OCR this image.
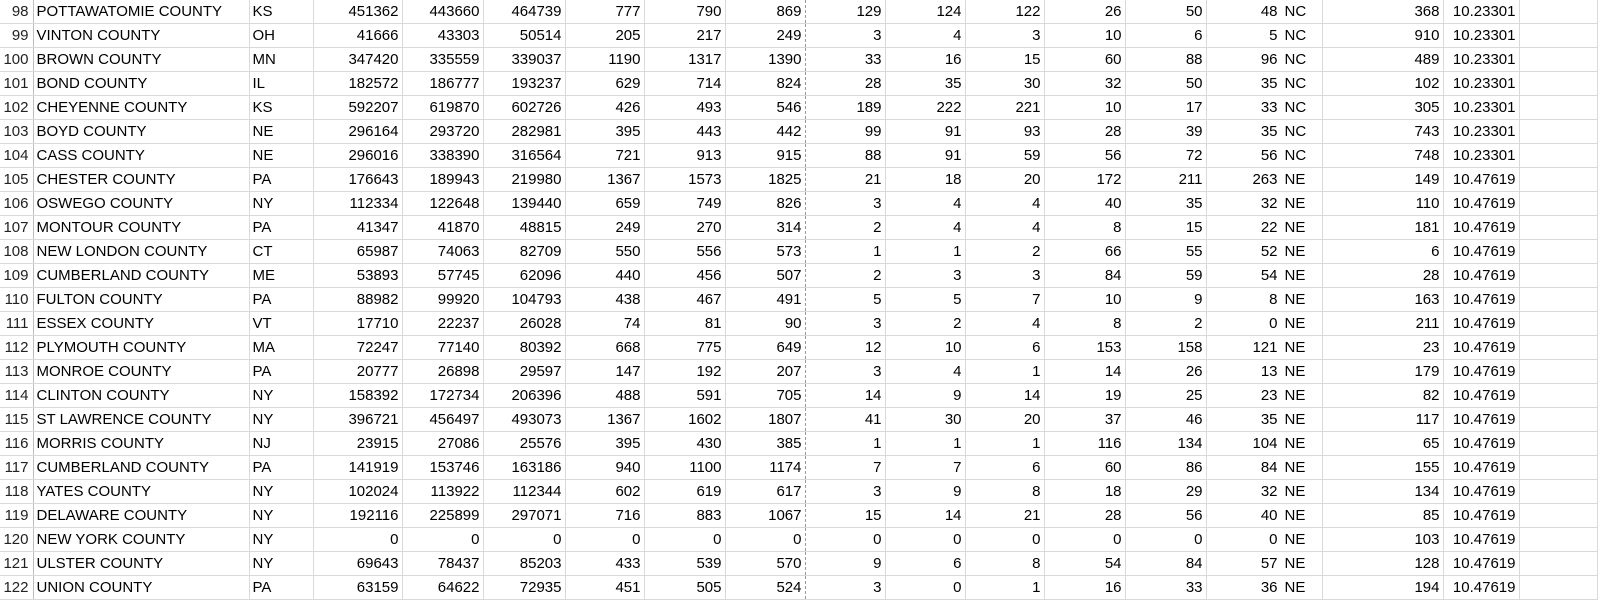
98	POTTAWATOMIE COUNTY	KS	451362	443660	464739	777	790	869	129	124	122	26	50	48	NC	368	10.23301	
99	VINTON COUNTY	OH	41666	43303	50514	205	217	249	3	4	3	10	6	5	NC	910	10.23301	
100	BROWN COUNTY	MN	347420	335559	339037	1190	1317	1390	33	16	15	60	88	96	NC	489	10.23301	
101	BOND COUNTY	IL	182572	186777	193237	629	714	824	28	35	30	32	50	35	NC	102	10.23301	
102	CHEYENNE COUNTY	KS	592207	619870	602726	426	493	546	189	222	221	10	17	33	NC	305	10.23301	
103	BOYD COUNTY	NE	296164	293720	282981	395	443	442	99	91	93	28	39	35	NC	743	10.23301	
104	CASS COUNTY	NE	296016	338390	316564	721	913	915	88	91	59	56	72	56	NC	748	10.23301	
105	CHESTER COUNTY	PA	176643	189943	219980	1367	1573	1825	21	18	20	172	211	263	NE	149	10.47619	
106	OSWEGO COUNTY	NY	112334	122648	139440	659	749	826	3	4	4	40	35	32	NE	110	10.47619	
107	MONTOUR COUNTY	PA	41347	41870	48815	249	270	314	2	4	4	8	15	22	NE	181	10.47619	
108	NEW LONDON COUNTY	CT	65987	74063	82709	550	556	573	1	1	2	66	55	52	NE	6	10.47619	
109	CUMBERLAND COUNTY	ME	53893	57745	62096	440	456	507	2	3	3	84	59	54	NE	28	10.47619	
110	FULTON COUNTY	PA	88982	99920	104793	438	467	491	5	5	7	10	9	8	NE	163	10.47619	
111	ESSEX COUNTY	VT	17710	22237	26028	74	81	90	3	2	4	8	2	0	NE	211	10.47619	
112	PLYMOUTH COUNTY	MA	72247	77140	80392	668	775	649	12	10	6	153	158	121	NE	23	10.47619	
113	MONROE COUNTY	PA	20777	26898	29597	147	192	207	3	4	1	14	26	13	NE	179	10.47619	
114	CLINTON COUNTY	NY	158392	172734	206396	488	591	705	14	9	14	19	25	23	NE	82	10.47619	
115	ST LAWRENCE COUNTY	NY	396721	456497	493073	1367	1602	1807	41	30	20	37	46	35	NE	117	10.47619	
116	MORRIS COUNTY	NJ	23915	27086	25576	395	430	385	1	1	1	116	134	104	NE	65	10.47619	
117	CUMBERLAND COUNTY	PA	141919	153746	163186	940	1100	1174	7	7	6	60	86	84	NE	155	10.47619	
118	YATES COUNTY	NY	102024	113922	112344	602	619	617	3	9	8	18	29	32	NE	134	10.47619	
119	DELAWARE COUNTY	NY	192116	225899	297071	716	883	1067	15	14	21	28	56	40	NE	85	10.47619	
120	NEW YORK COUNTY	NY	0	0	0	0	0	0	0	0	0	0	0	0	NE	103	10.47619	
121	ULSTER COUNTY	NY	69643	78437	85203	433	539	570	9	6	8	54	84	57	NE	128	10.47619	
122	UNION COUNTY	PA	63159	64622	72935	451	505	524	3	0	1	16	33	36	NE	194	10.47619	
